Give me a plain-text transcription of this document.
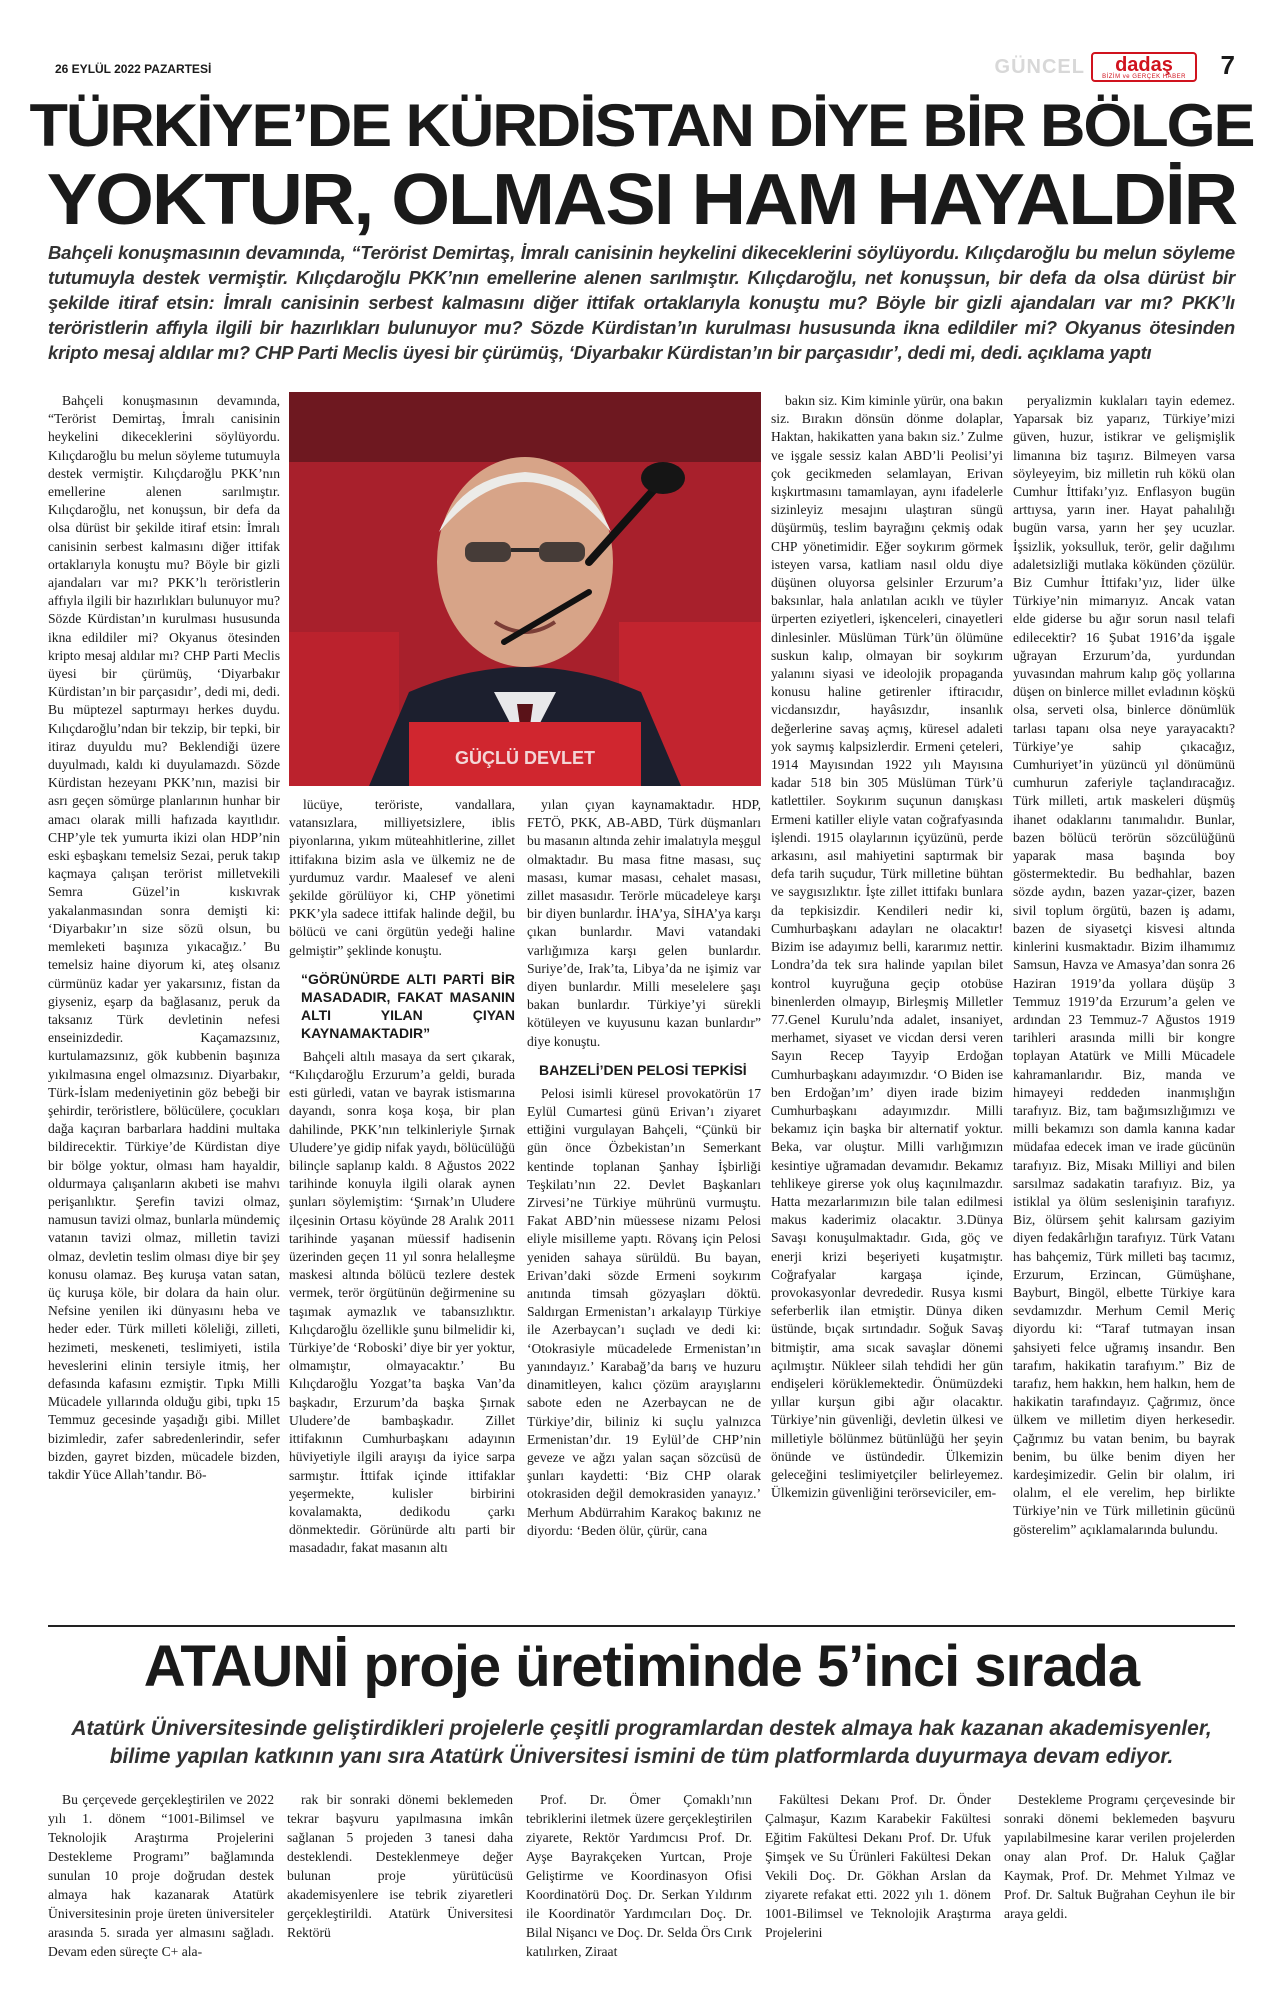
26 EYLÜL 2022 PAZARTESİ	GÜNCEL	dadaş
BİZİM ve GERÇEK HABER	7
TÜRKİYE’DE KÜRDİSTAN DİYE BİR BÖLGE
YOKTUR, OLMASI HAM HAYALDİR
Bahçeli konuşmasının devamında, “Terörist Demirtaş, İmralı canisinin heykelini dikeceklerini söylüyordu. Kılıçdaroğlu bu melun söyleme tutumuyla destek vermiştir. Kılıçdaroğlu PKK’nın emellerine alenen sarılmıştır. Kılıçdaroğlu, net konuşsun, bir defa da olsa dürüst bir şekilde itiraf etsin: İmralı canisinin serbest kalmasını diğer ittifak ortaklarıyla konuştu mu? Böyle bir gizli ajandaları var mı? PKK’lı teröristlerin affıyla ilgili bir hazırlıkları bulunuyor mu? Sözde Kürdistan’ın kurulması hususunda ikna edildiler mi? Okyanus ötesinden kripto mesaj aldılar mı? CHP Parti Meclis üyesi bir çürümüş, ‘Diyarbakır Kürdistan’ın bir parçasıdır’, dedi mi, dedi. açıklama yaptı

Bahçeli konuşmasının devamında, “Terörist Demirtaş, İmralı canisinin heykelini dikeceklerini söylüyordu. Kılıçdaroğlu bu melun söyleme tutumuyla destek vermiştir. Kılıçdaroğlu PKK’nın emellerine alenen sarılmıştır. Kılıçdaroğlu, net konuşsun, bir defa da olsa dürüst bir şekilde itiraf etsin: İmralı canisinin serbest kalmasını diğer ittifak ortaklarıyla konuştu mu? Böyle bir gizli ajandaları var mı? PKK’lı teröristlerin affıyla ilgili bir hazırlıkları bulunuyor mu? Sözde Kürdistan’ın kurulması hususunda ikna edildiler mi? Okyanus ötesinden kripto mesaj aldılar mı? CHP Parti Meclis üyesi bir çürümüş, ‘Diyarbakır Kürdistan’ın bir parçasıdır’, dedi mi, dedi. Bu müptezel saptırmayı herkes duydu. Kılıçdaroğlu’ndan bir tekzip, bir tepki, bir itiraz duyuldu mu? Beklendiği üzere duyulmadı, kaldı ki duyulamazdı. Sözde Kürdistan hezeyanı PKK’nın, mazisi bir asrı geçen sömürge planlarının hunhar bir amacı olarak milli hafızada kayıtlıdır. CHP’yle tek yumurta ikizi olan HDP’nin eski eşbaşkanı temelsiz Sezai, peruk takıp kaçmaya çalışan terörist milletvekili Semra Güzel’in kıskıvrak yakalanmasından sonra demişti ki: ‘Diyarbakır’ın size sözü olsun, bu memleketi başınıza yıkacağız.’ Bu temelsiz haine diyorum ki, ateş olsanız cürmünüz kadar yer yakarsınız, fistan da giyseniz, eşarp da bağlasanız, peruk da taksanız Türk devletinin nefesi enseinizdedir. Kaçamazsınız, kurtulamazsınız, gök kubbenin başınıza yıkılmasına engel olmazsınız. Diyarbakır, Türk-İslam medeniyetinin göz bebeği bir şehirdir, teröristlere, bölücülere, çocukları dağa kaçıran barbarlara haddini multaka bildirecektir. Türkiye’de Kürdistan diye bir bölge yoktur, olması ham hayaldir, oldurmaya çalışanların akıbeti ise mahvı perişanlıktır. Şerefin tavizi olmaz, namusun tavizi olmaz, bunlarla mündemiç vatanın tavizi olmaz, milletin tavizi olmaz, devletin teslim olması diye bir şey konusu olamaz. Beş kuruşa vatan satan, üç kuruşa köle, bir dolara da hain olur. Nefsine yenilen iki dünyasını heba ve heder eder. Türk milleti köleliği, zilleti, hezimeti, meskeneti, teslimiyeti, istila heveslerini elinin tersiyle itmiş, her defasında kafasını ezmiştir. Tıpkı Milli Mücadele yıllarında olduğu gibi, tıpkı 15 Temmuz gecesinde yaşadığı gibi. Millet bizimledir, zafer sabredenlerindir, sefer bizden, gayret bizden, mücadele bizden, takdir Yüce Allah’tandır. Bö-

GÜÇLÜ DEVLET

lücüye, teröriste, vandallara, vatansızlara, milliyetsizlere, iblis piyonlarına, yıkım müteahhitlerine, zillet ittifakına bizim asla ve ülkemiz ne de yurdumuz vardır. Maalesef ve aleni şekilde görülüyor ki, CHP yönetimi PKK’yla sadece ittifak halinde değil, bu bölücü ve cani örgütün yedeği haline gelmiştir” şeklinde konuştu.

“GÖRÜNÜRDE ALTI PARTİ BİR MASADADIR, FAKAT MASANIN ALTI YILAN ÇIYAN KAYNAMAKTADIR”

Bahçeli altılı masaya da sert çıkarak, “Kılıçdaroğlu Erzurum’a geldi, burada esti gürledi, vatan ve bayrak istismarına dayandı, sonra koşa koşa, bir plan dahilinde, PKK’nın telkinleriyle Şırnak Uludere’ye gidip nifak yaydı, bölücülüğü bilinçle saplanıp kaldı. 8 Ağustos 2022 tarihinde konuyla ilgili olarak aynen şunları söylemiştim: ‘Şırnak’ın Uludere ilçesinin Ortasu köyünde 28 Aralık 2011 tarihinde yaşanan müessif hadisenin üzerinden geçen 11 yıl sonra helalleşme maskesi altında bölücü tezlere destek vermek, terör örgütünün değirmenine su taşımak aymazlık ve tabansızlıktır. Kılıçdaroğlu özellikle şunu bilmelidir ki, Türkiye’de ‘Roboski’ diye bir yer yoktur, olmamıştır, olmayacaktır.’ Bu Kılıçdaroğlu Yozgat’ta başka Van’da başkadır, Erzurum’da başka Şırnak Uludere’de bambaşkadır. Zillet ittifakının Cumhurbaşkanı adayının hüviyetiyle ilgili arayışı da iyice sarpa sarmıştır. İttifak içinde ittifaklar yeşermekte, kulisler birbirini kovalamakta, dedikodu çarkı dönmektedir. Görünürde altı parti bir masadadır, fakat masanın altı

yılan çıyan kaynamaktadır. HDP, FETÖ, PKK, AB-ABD, Türk düşmanları bu masanın altında zehir imalatıyla meşgul olmaktadır. Bu masa fitne masası, suç masası, kumar masası, cehalet masası, zillet masasıdır. Terörle mücadeleye karşı bir diyen bunlardır. İHA’ya, SİHA’ya karşı çıkan bunlardır. Mavi vatandaki varlığımıza karşı gelen bunlardır. Suriye’de, Irak’ta, Libya’da ne işimiz var diyen bunlardır. Milli meselelere şaşı bakan bunlardır. Türkiye’yi sürekli kötüleyen ve kuyusunu kazan bunlardır” diye konuştu.

BAHZELİ’DEN PELOSİ TEPKİSİ

Pelosi isimli küresel provokatörün 17 Eylül Cumartesi günü Erivan’ı ziyaret ettiğini vurgulayan Bahçeli, “Çünkü bir gün önce Özbekistan’ın Semerkant kentinde toplanan Şanhay İşbirliği Teşkilatı’nın 22. Devlet Başkanları Zirvesi’ne Türkiye mührünü vurmuştu. Fakat ABD’nin müessese nizamı Pelosi eliyle misilleme yaptı. Rövanş için Pelosi yeniden sahaya sürüldü. Bu bayan, Erivan’daki sözde Ermeni soykırım anıtında timsah gözyaşları döktü. Saldırgan Ermenistan’ı arkalayıp Türkiye ile Azerbaycan’ı suçladı ve dedi ki: ‘Otokrasiyle mücadelede Ermenistan’ın yanındayız.’ Karabağ’da barış ve huzuru dinamitleyen, kalıcı çözüm arayışlarını sabote eden ne Azerbaycan ne de Türkiye’dir, biliniz ki suçlu yalnızca Ermenistan’dır. 19 Eylül’de CHP’nin geveze ve ağzı yalan saçan sözcüsü de şunları kaydetti: ‘Biz CHP olarak otokrasiden değil demokrasiden yanayız.’ Merhum Abdürrahim Karakoç bakınız ne diyordu: ‘Beden ölür, çürür, cana

bakın siz. Kim kiminle yürür, ona bakın siz. Bırakın dönsün dönme dolaplar, Haktan, hakikatten yana bakın siz.’ Zulme ve işgale sessiz kalan ABD’li Peolisi’yi çok gecikmeden selamlayan, Erivan kışkırtmasını tamamlayan, aynı ifadelerle sizinleyiz mesajını ulaştıran süngü düşürmüş, teslim bayrağını çekmiş odak CHP yönetimidir. Eğer soykırım görmek isteyen varsa, katliam nasıl oldu diye düşünen oluyorsa gelsinler Erzurum’a baksınlar, hala anlatılan acıklı ve tüyler ürperten eziyetleri, işkenceleri, cinayetleri dinlesinler. Müslüman Türk’ün ölümüne suskun kalıp, olmayan bir soykırım yalanını siyasi ve ideolojik propaganda konusu haline getirenler iftiracıdır, vicdansızdır, hayâsızdır, insanlık değerlerine savaş açmış, küresel adaleti yok saymış kalpsizlerdir. Ermeni çeteleri, 1914 Mayısından 1922 yılı Mayısına kadar 518 bin 305 Müslüman Türk’ü katlettiler. Soykırım suçunun danışkası Ermeni katiller eliyle vatan coğrafyasında işlendi. 1915 olaylarının içyüzünü, perde arkasını, asıl mahiyetini saptırmak bir defa tarih suçudur, Türk milletine bühtan ve saygısızlıktır. İşte zillet ittifakı bunlara da tepkisizdir. Kendileri nedir ki, Cumhurbaşkanı adayları ne olacaktır! Bizim ise adayımız belli, kararımız nettir. Londra’da tek sıra halinde yapılan bilet kontrol kuyruğuna geçip otobüse binenlerden olmayıp, Birleşmiş Milletler 77.Genel Kurulu’nda adalet, insaniyet, merhamet, siyaset ve vicdan dersi veren Sayın Recep Tayyip Erdoğan Cumhurbaşkanı adayımızdır. ‘O Biden ise ben Erdoğan’ım’ diyen irade bizim Cumhurbaşkanı adayımızdır. Milli bekamız için başka bir alternatif yoktur. Beka, var oluştur. Milli varlığımızın kesintiye uğramadan devamıdır. Bekamız tehlikeye girerse yok oluş kaçınılmazdır. Hatta mezarlarımızın bile talan edilmesi makus kaderimiz olacaktır. 3.Dünya Savaşı konuşulmaktadır. Gıda, göç ve enerji krizi beşeriyeti kuşatmıştır. Coğrafyalar kargaşa içinde, provokasyonlar devrededir. Rusya kısmi seferberlik ilan etmiştir. Dünya diken üstünde, bıçak sırtındadır. Soğuk Savaş bitmiştir, ama sıcak savaşlar dönemi açılmıştır. Nükleer silah tehdidi her gün endişeleri körüklemektedir. Önümüzdeki yıllar kurşun gibi ağır olacaktır. Türkiye’nin güvenliği, devletin ülkesi ve milletiyle bölünmez bütünlüğü her şeyin önünde ve üstündedir. Ülkemizin geleceğini teslimiyetçiler belirleyemez. Ülkemizin güvenliğini terörseviciler, em-

peryalizmin kuklaları tayin edemez. Yaparsak biz yaparız, Türkiye’mizi güven, huzur, istikrar ve gelişmişlik limanına biz taşırız. Bilmeyen varsa söyleyeyim, biz milletin ruh kökü olan Cumhur İttifakı’yız. Enflasyon bugün arttıysa, yarın iner. Hayat pahalılığı bugün varsa, yarın her şey ucuzlar. İşsizlik, yoksulluk, terör, gelir dağılımı adaletsizliği mutlaka kökünden çözülür. Biz Cumhur İttifakı’yız, lider ülke Türkiye’nin mimarıyız. Ancak vatan elde giderse bu ağır sorun nasıl telafi edilecektir? 16 Şubat 1916’da işgale uğrayan Erzurum’da, yurdundan yuvasından mahrum kalıp göç yollarına düşen on binlerce millet evladının köşkü olsa, serveti olsa, binlerce dönümlük tarlası tapanı olsa neye yarayacaktı? Türkiye’ye sahip çıkacağız, Cumhuriyet’in yüzüncü yıl dönümünü cumhurun zaferiyle taçlandıracağız. Türk milleti, artık maskeleri düşmüş ihanet odaklarını tanımalıdır. Bunlar, bazen bölücü terörün sözcülüğünü yaparak masa başında boy göstermektedir. Bu bedhahlar, bazen sözde aydın, bazen yazar-çizer, bazen sivil toplum örgütü, bazen iş adamı, bazen de siyasetçi kisvesi altında kinlerini kusmaktadır. Bizim ilhamımız Samsun, Havza ve Amasya’dan sonra 26 Haziran 1919’da yollara düşüp 3 Temmuz 1919’da Erzurum’a gelen ve ardından 23 Temmuz-7 Ağustos 1919 tarihleri arasında milli bir kongre toplayan Atatürk ve Milli Mücadele kahramanlarıdır. Biz, manda ve himayeyi reddeden inanmışlığın tarafıyız. Biz, tam bağımsızlığımızı ve milli bekamızı son damla kanına kadar müdafaa edecek iman ve irade gücünün tarafıyız. Biz, Misakı Milliyi and bilen sarsılmaz sadakatin tarafıyız. Biz, ya istiklal ya ölüm seslenişinin tarafıyız. Biz, ölürsem şehit kalırsam gaziyim diyen fedakârlığın tarafıyız. Türk Vatanı has bahçemiz, Türk milleti baş tacımız, Erzurum, Erzincan, Gümüşhane, Bayburt, Bingöl, elbette Türkiye kara sevdamızdır. Merhum Cemil Meriç diyordu ki: “Taraf tutmayan insan şahsiyeti felce uğramış insandır. Ben tarafım, hakikatin tarafıyım.” Biz de tarafız, hem hakkın, hem halkın, hem de hakikatin tarafındayız. Çağrımız, önce ülkem ve milletim diyen herkesedir. Çağrımız bu vatan benim, bu bayrak benim, bu ülke benim diyen her kardeşimizedir. Gelin bir olalım, iri olalım, el ele verelim, hep birlikte Türkiye’nin ve Türk milletinin gücünü gösterelim” açıklamalarında bulundu.

ATAUNİ proje üretiminde 5’inci sırada
Atatürk Üniversitesinde geliştirdikleri projelerle çeşitli programlardan destek almaya hak kazanan akademisyenler, bilime yapılan katkının yanı sıra Atatürk Üniversitesi ismini de tüm platformlarda duyurmaya devam ediyor.

Bu çerçevede gerçekleştirilen ve 2022 yılı 1. dönem “1001-Bilimsel ve Teknolojik Araştırma Projelerini Destekleme Programı” bağlamında sunulan 10 proje doğrudan destek almaya hak kazanarak Atatürk Üniversitesinin proje üreten üniversiteler arasında 5. sırada yer almasını sağladı. Devam eden süreçte C+ ala-

rak bir sonraki dönemi beklemeden tekrar başvuru yapılmasına imkân sağlanan 5 projeden 3 tanesi daha desteklendi. Desteklenmeye değer bulunan proje yürütücüsü akademisyenlere ise tebrik ziyaretleri gerçekleştirildi. Atatürk Üniversitesi Rektörü

Prof. Dr. Ömer Çomaklı’nın tebriklerini iletmek üzere gerçekleştirilen ziyarete, Rektör Yardımcısı Prof. Dr. Ayşe Bayrakçeken Yurtcan, Proje Geliştirme ve Koordinasyon Ofisi Koordinatörü Doç. Dr. Serkan Yıldırım ile Koordinatör Yardımcıları Doç. Dr. Bilal Nişancı ve Doç. Dr. Selda Örs Cırık katılırken, Ziraat

Fakültesi Dekanı Prof. Dr. Önder Çalmaşur, Kazım Karabekir Fakültesi Eğitim Fakültesi Dekanı Prof. Dr. Ufuk Şimşek ve Su Ürünleri Fakültesi Dekan Vekili Doç. Dr. Gökhan Arslan da ziyarete refakat etti. 2022 yılı 1. dönem 1001-Bilimsel ve Teknolojik Araştırma Projelerini

Destekleme Programı çerçevesinde bir sonraki dönemi beklemeden başvuru yapılabilmesine karar verilen projelerden onay alan Prof. Dr. Haluk Çağlar Kaymak, Prof. Dr. Mehmet Yılmaz ve Prof. Dr. Saltuk Buğrahan Ceyhun ile bir araya geldi.
